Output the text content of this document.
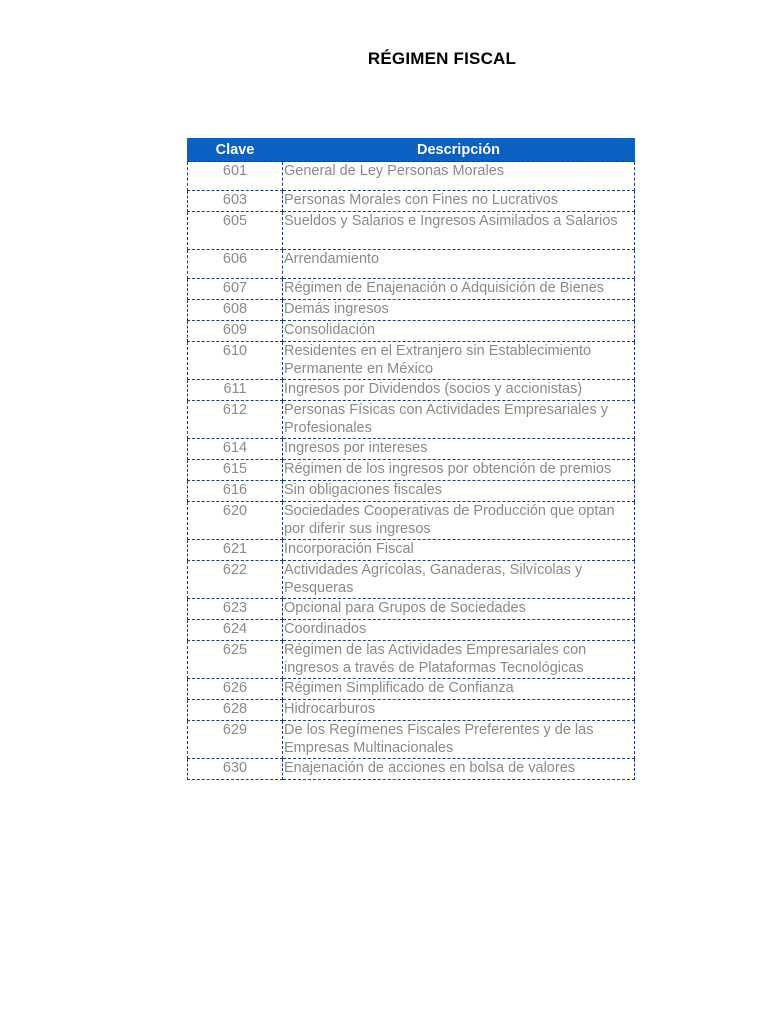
RÉGIMEN FISCAL
Clave	Descripción
601	General de Ley Personas Morales
603	Personas Morales con Fines no Lucrativos
605	Sueldos y Salarios e Ingresos Asimilados a Salarios
606	Arrendamiento
607	Régimen de Enajenación o Adquisición de Bienes
608	Demás ingresos
609	Consolidación
610	Residentes en el Extranjero sin Establecimiento Permanente en México
611	Ingresos por Dividendos (socios y accionistas)
612	Personas Físicas con Actividades Empresariales y Profesionales
614	Ingresos por intereses
615	Régimen de los ingresos por obtención de premios
616	Sin obligaciones fiscales
620	Sociedades Cooperativas de Producción que optan por diferir sus ingresos
621	Incorporación Fiscal
622	Actividades Agrícolas, Ganaderas, Silvícolas y Pesqueras
623	Opcional para Grupos de Sociedades
624	Coordinados
625	Régimen de las Actividades Empresariales con ingresos a través de Plataformas Tecnológicas
626	Régimen Simplificado de Confianza
628	Hidrocarburos
629	De los Regímenes Fiscales Preferentes y de las Empresas Multinacionales
630	Enajenación de acciones en bolsa de valores
